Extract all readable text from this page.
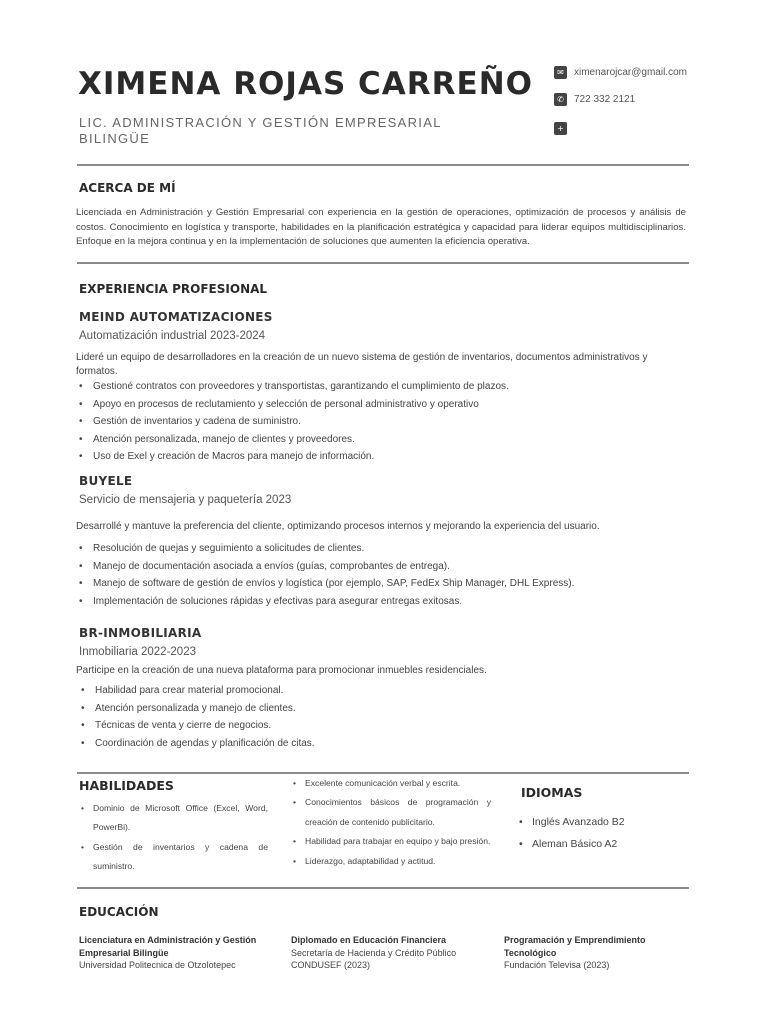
XIMENA ROJAS CARREÑO
LIC. ADMINISTRACIÓN Y GESTIÓN EMPRESARIAL
BILINGÜE
✉	ximenarojcar@gmail.com
✆	722 332 2121
+
ACERCA DE MÍ

Licenciada en Administración y Gestión Empresarial con experiencia en la gestión de operaciones, optimización de procesos y análisis de costos. Conocimiento en logística y transporte, habilidades en la planificación estratégica y capacidad para liderar equipos multidisciplinarios. Enfoque en la mejora continua y en la implementación de soluciones que aumenten la eficiencia operativa.

EXPERIENCIA PROFESIONAL
MEIND AUTOMATIZACIONES
Automatización industrial 2023-2024

Lideré un equipo de desarrolladores en la creación de un nuevo sistema de gestión de inventarios, documentos administrativos y formatos.

• Gestioné contratos con proveedores y transportistas, garantizando el cumplimiento de plazos.
• Apoyo en procesos de reclutamiento y selección de personal administrativo y operativo
• Gestión de inventarios y cadena de suministro.
• Atención personalizada, manejo de clientes y proveedores.
• Uso de Exel y creación de Macros para manejo de información.
BUYELE
Servicio de mensajeria y paquetería 2023

Desarrollé y mantuve la preferencia del cliente, optimizando procesos internos y mejorando la experiencia del usuario.

• Resolución de quejas y seguimiento a solicitudes de clientes.
• Manejo de documentación asociada a envíos (guías, comprobantes de entrega).
• Manejo de software de gestión de envíos y logística (por ejemplo, SAP, FedEx Ship Manager, DHL Express).
• Implementación de soluciones rápidas y efectivas para asegurar entregas exitosas.
BR-INMOBILIARIA
Inmobiliaria 2022-2023

Participe en la creación de una nueva plataforma para promocionar inmuebles residenciales.

• Habilidad para crear material promocional.
• Atención personalizada y manejo de clientes.
• Técnicas de venta y cierre de negocios.
• Coordinación de agendas y planificación de citas.
HABILIDADES
• Dominio de Microsoft Office (Excel, Word, PowerBi).
• Gestión de inventarios y cadena de suministro.
• Excelente comunicación verbal y escrita.
• Conocimientos básicos de programación y creación de contenido publicitario.
• Habilidad para trabajar en equipo y bajo presión.
• Liderazgo, adaptabilidad y actitud.
IDIOMAS
• Inglés Avanzado B2
• Aleman Básico A2
EDUCACIÓN
Licenciatura en Administración y Gestión Empresarial Bilingüe
Universidad Politecnica de Otzolotepec
Diplomado en Educación Financiera
Secretaría de Hacienda y Crédito Público CONDUSEF (2023)
Programación y Emprendimiento Tecnológico
Fundación Televisa (2023)
